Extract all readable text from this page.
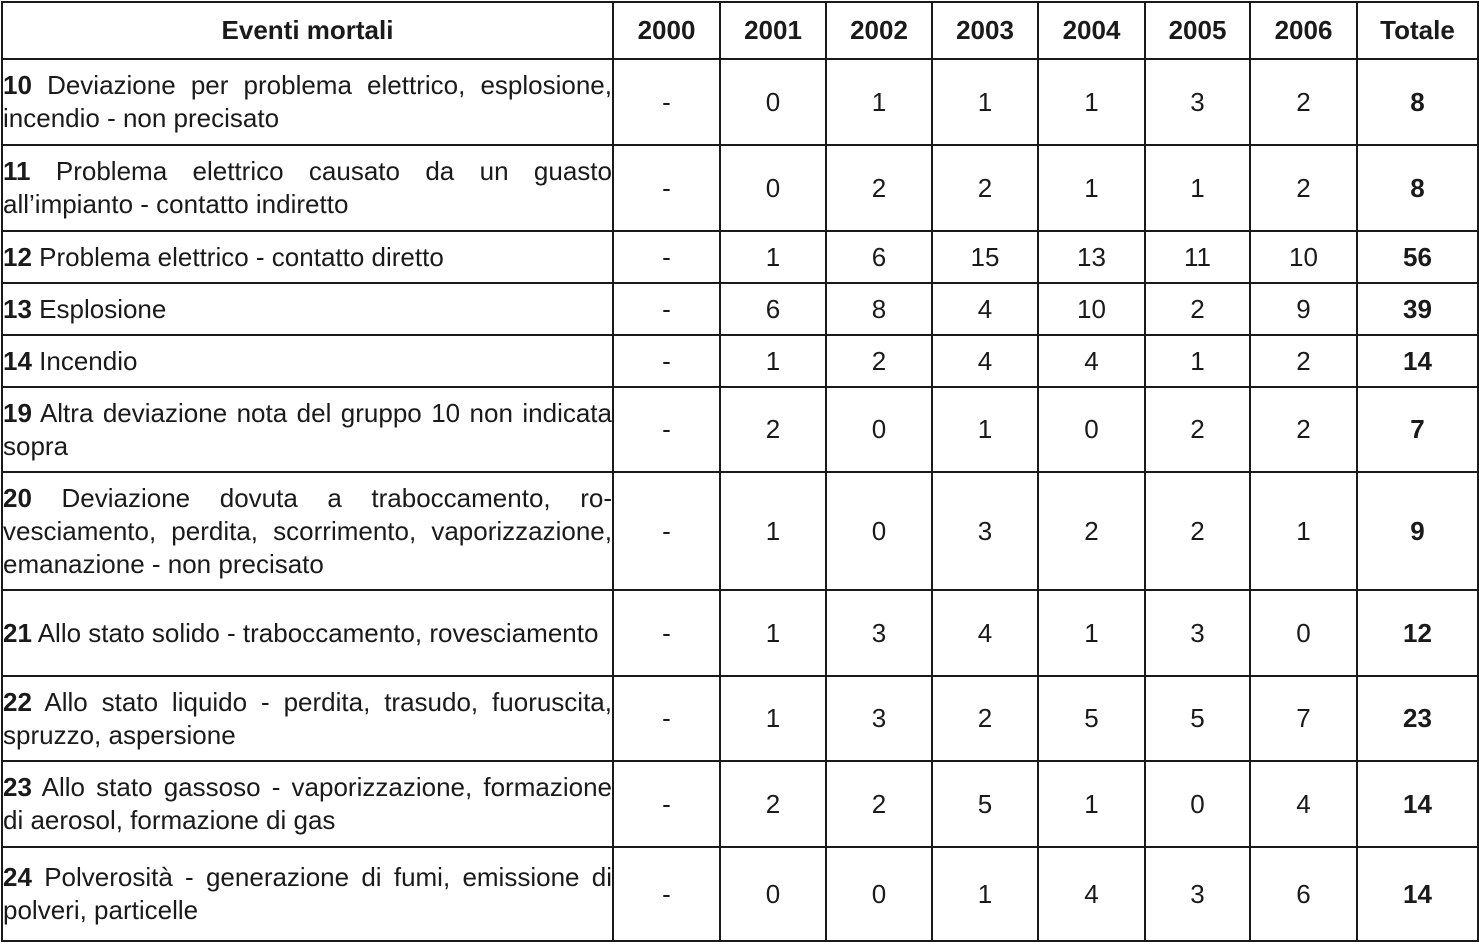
Eventi mortali	2000	2001	2002	2003	2004	2005	2006	Totale
10 Deviazione per problema elettrico, esplosione, incendio - non precisato	-	0	1	1	1	3	2	8
11 Problema elettrico causato da un guasto all’impianto - contatto indiretto	-	0	2	2	1	1	2	8
12 Problema elettrico - contatto diretto	-	1	6	15	13	11	10	56
13 Esplosione	-	6	8	4	10	2	9	39
14 Incendio	-	1	2	4	4	1	2	14
19 Altra deviazione nota del gruppo 10 non indicata sopra	-	2	0	1	0	2	2	7
20 Deviazione dovuta a traboccamento, rovesciamento, perdita, scorrimento, vaporizzazione, emanazione - non precisato	-	1	0	3	2	2	1	9
21 Allo stato solido - traboccamento, rovesciamento	-	1	3	4	1	3	0	12
22 Allo stato liquido - perdita, trasudo, fuoruscita, spruzzo, aspersione	-	1	3	2	5	5	7	23
23 Allo stato gassoso - vaporizzazione, formazione di aerosol, formazione di gas	-	2	2	5	1	0	4	14
24 Polverosità - generazione di fumi, emissione di polveri, particelle	-	0	0	1	4	3	6	14
